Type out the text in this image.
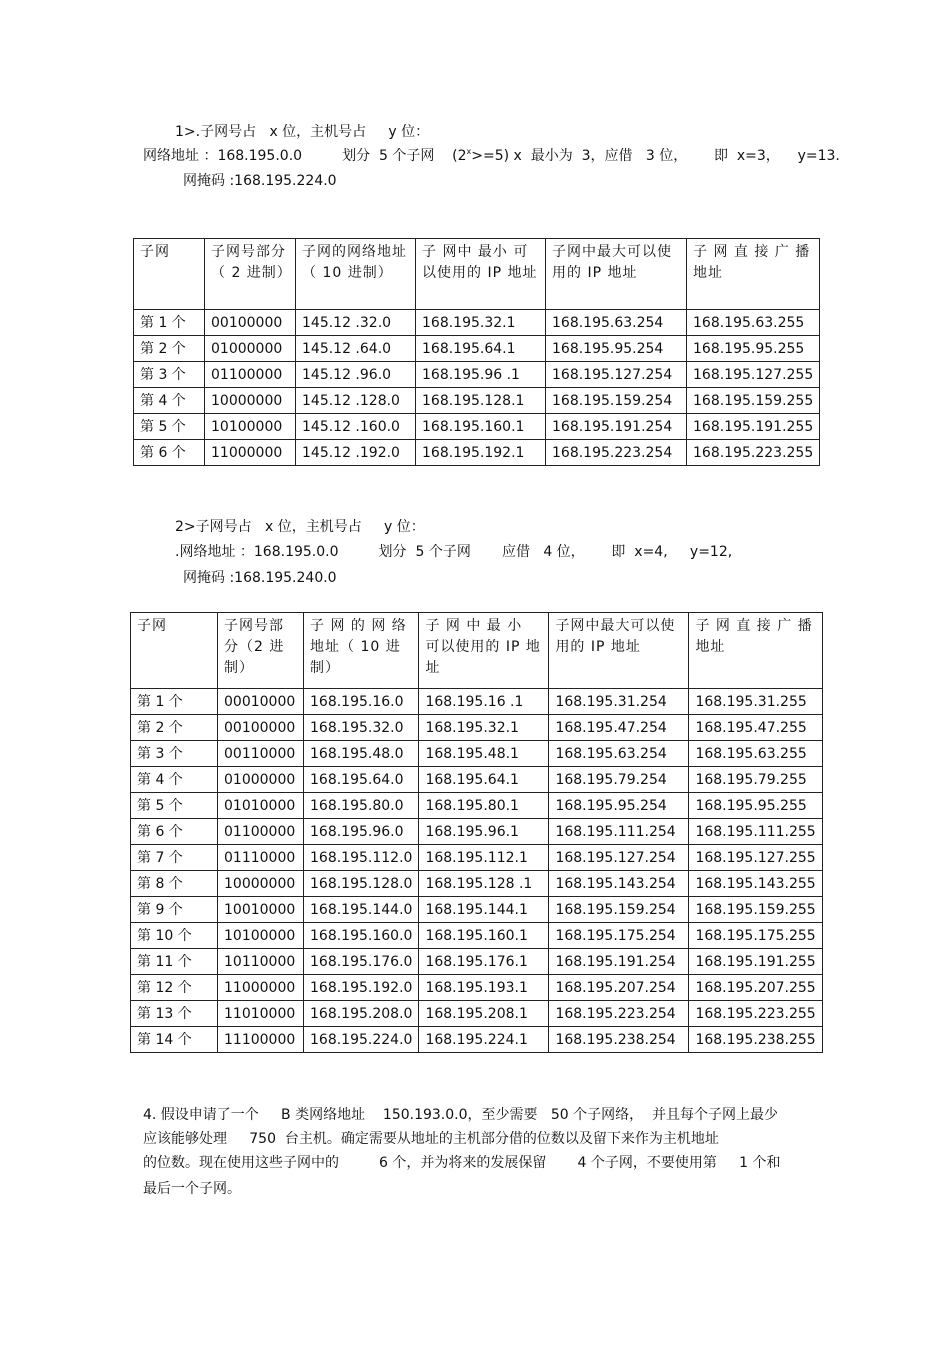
1>.子网号占   x 位，主机号占     y 位：
网络地址 ：168.195.0.0         划分  5 个子网    $(2^x>=5)$ x  最小为  3，应借   3 位，      即  x=3，    y=13.
网掩码 :168.195.224.0
子网	子网号部分（ 2 进制）	子网的网络地址（ 10 进制）	子 网中 最小 可以使用的 IP 地址	子网中最大可以使用的 IP 地址	子 网 直 接 广 播地址
第 1 个	00100000	145.12 .32.0	168.195.32.1	168.195.63.254	168.195.63.255
第 2 个	01000000	145.12 .64.0	168.195.64.1	168.195.95.254	168.195.95.255
第 3 个	01100000	145.12 .96.0	168.195.96 .1	168.195.127.254	168.195.127.255
第 4 个	10000000	145.12 .128.0	168.195.128.1	168.195.159.254	168.195.159.255
第 5 个	10100000	145.12 .160.0	168.195.160.1	168.195.191.254	168.195.191.255
第 6 个	11000000	145.12 .192.0	168.195.192.1	168.195.223.254	168.195.223.255
2>子网号占   x 位，主机号占     y 位：
.网络地址 ：168.195.0.0         划分  5 个子网       应借   4 位，      即  x=4,     y=12,
网掩码 :168.195.240.0
子网	子网号部分（2 进制）	子 网 的 网 络地址（ 10 进制）	子 网 中 最 小 可以使用的 IP 地址	子网中最大可以使用的 IP 地址	子 网 直 接 广 播地址
第 1 个	00010000	168.195.16.0	168.195.16 .1	168.195.31.254	168.195.31.255
第 2 个	00100000	168.195.32.0	168.195.32.1	168.195.47.254	168.195.47.255
第 3 个	00110000	168.195.48.0	168.195.48.1	168.195.63.254	168.195.63.255
第 4 个	01000000	168.195.64.0	168.195.64.1	168.195.79.254	168.195.79.255
第 5 个	01010000	168.195.80.0	168.195.80.1	168.195.95.254	168.195.95.255
第 6 个	01100000	168.195.96.0	168.195.96.1	168.195.111.254	168.195.111.255
第 7 个	01110000	168.195.112.0	168.195.112.1	168.195.127.254	168.195.127.255
第 8 个	10000000	168.195.128.0	168.195.128 .1	168.195.143.254	168.195.143.255
第 9 个	10010000	168.195.144.0	168.195.144.1	168.195.159.254	168.195.159.255
第 10 个	10100000	168.195.160.0	168.195.160.1	168.195.175.254	168.195.175.255
第 11 个	10110000	168.195.176.0	168.195.176.1	168.195.191.254	168.195.191.255
第 12 个	11000000	168.195.192.0	168.195.193.1	168.195.207.254	168.195.207.255
第 13 个	11010000	168.195.208.0	168.195.208.1	168.195.223.254	168.195.223.255
第 14 个	11100000	168.195.224.0	168.195.224.1	168.195.238.254	168.195.238.255
4. 假设申请了一个     B 类网络地址    150.193.0.0，至少需要   50 个子网络，  并且每个子网上最少
应该能够处理     750  台主机。确定需要从地址的主机部分借的位数以及留下来作为主机地址
的位数。现在使用这些子网中的         6 个，并为将来的发展保留       4 个子网，不要使用第     1 个和
最后一个子网。
